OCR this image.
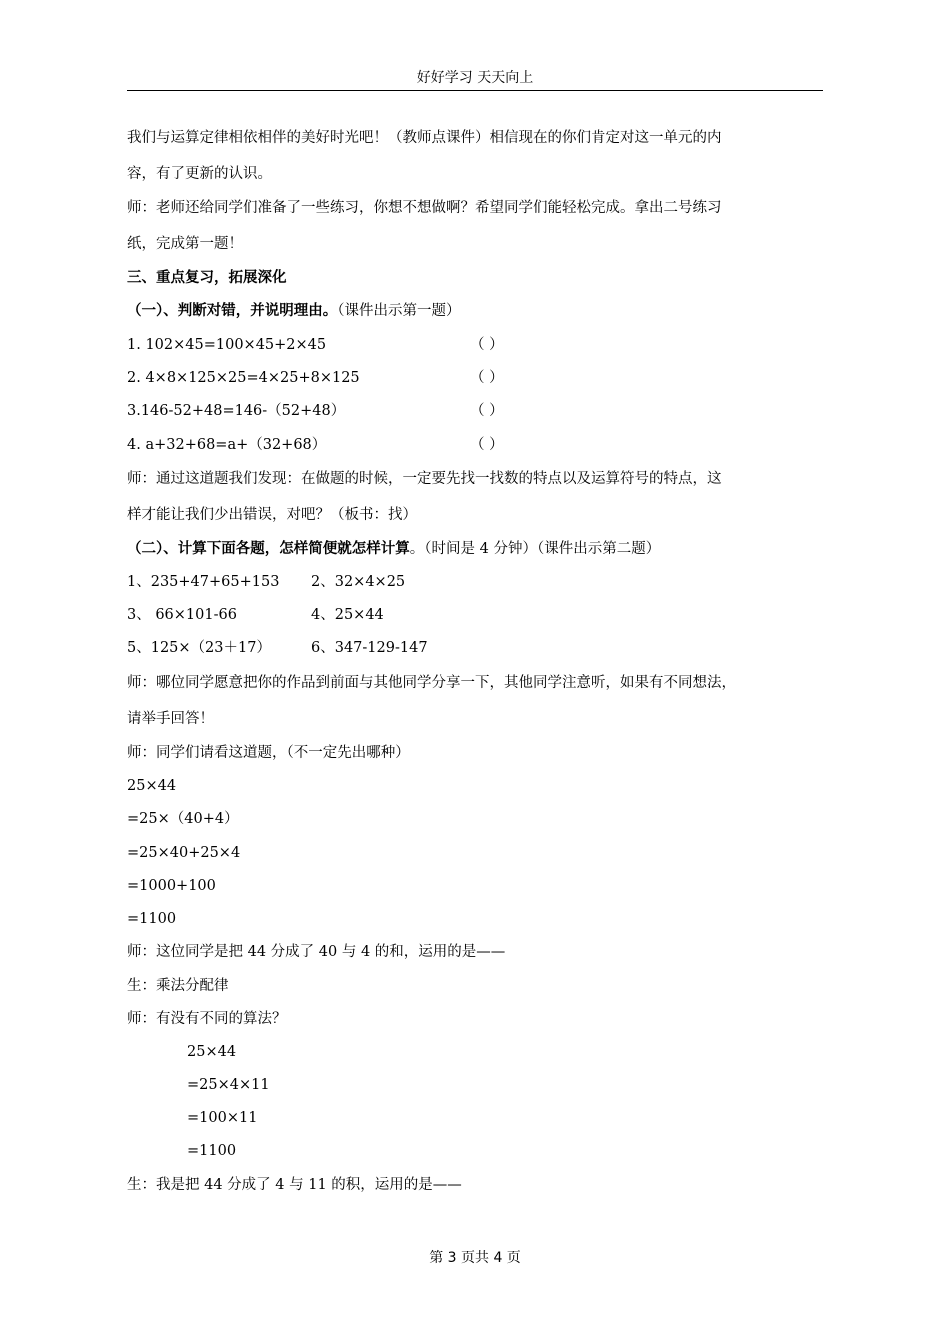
好好学习 天天向上
我们与运算定律相依相伴的美好时光吧！（教师点课件）相信现在的你们肯定对这一单元的内
容，有了更新的认识。
师：老师还给同学们准备了一些练习，你想不想做啊？希望同学们能轻松完成。拿出二号练习
纸，完成第一题！
三、重点复习，拓展深化
（一）、判断对错，并说明理由。（课件出示第一题）
1. 102×45=100×45+2×45	（ ）
2. 4×8×125×25=4×25+8×125	（ ）
3.146-52+48=146-（52+48）	（ ）
4. a+32+68=a+（32+68）	（ ）
师：通过这道题我们发现：在做题的时候，一定要先找一找数的特点以及运算符号的特点，这
样才能让我们少出错误，对吧？（板书：找）
（二）、计算下面各题，怎样简便就怎样计算。（时间是 4 分钟）（课件出示第二题）
1、235+47+65+153 2、32×4×25
3、 66×101-66	4、25×44
5、125×（23＋17）	6、347-129-147
师：哪位同学愿意把你的作品到前面与其他同学分享一下，其他同学注意听，如果有不同想法，
请举手回答！
师：同学们请看这道题，（不一定先出哪种）
25×44
=25×（40+4）
=25×40+25×4
=1000+100
=1100
师：这位同学是把 44 分成了 40 与 4 的和，运用的是——
生：乘法分配律
师：有没有不同的算法？
25×44
=25×4×11
=100×11
=1100
生：我是把 44 分成了 4 与 11 的积，运用的是——
第 3 页共 4 页
